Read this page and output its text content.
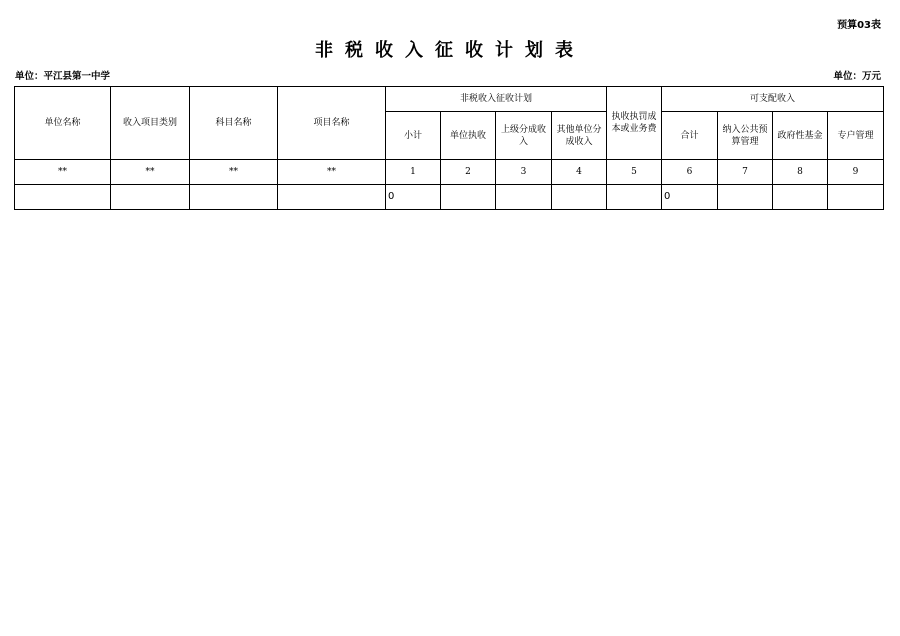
预算03表
非税收入征收计划表
单位：平江县第一中学	单位：万元
单位名称	收入项目类别	科目名称	项目名称	非税收入征收计划				执收执罚成本或业务费	可支配收入			
				小计	单位执收	上级分成收入	其他单位分成收入		合计	纳入公共预算管理	政府性基金	专户管理
**	**	**	**	1	2	3	4	5	6	7	8	9
				0					0			
